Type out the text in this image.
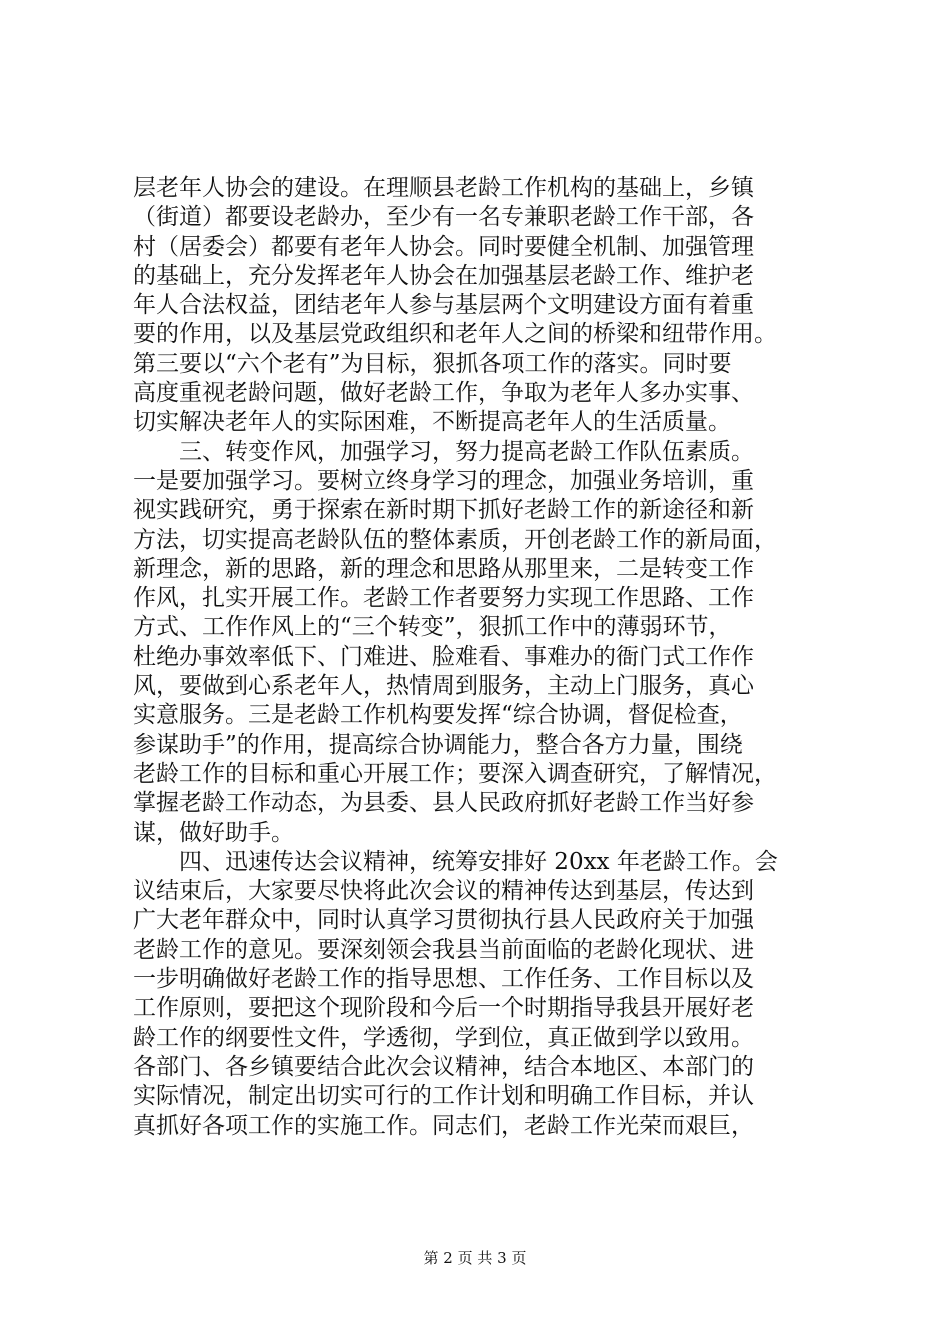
层老年人协会的建设。在理顺县老龄工作机构的基础上，乡镇
（街道）都要设老龄办，至少有一名专兼职老龄工作干部，各
村（居委会）都要有老年人协会。同时要健全机制、加强管理
的基础上，充分发挥老年人协会在加强基层老龄工作、维护老
年人合法权益，团结老年人参与基层两个文明建设方面有着重
要的作用，以及基层党政组织和老年人之间的桥梁和纽带作用。
第三要以“六个老有”为目标，狠抓各项工作的落实。同时要
高度重视老龄问题，做好老龄工作，争取为老年人多办实事、
切实解决老年人的实际困难，不断提高老年人的生活质量。
　　三、转变作风，加强学习，努力提高老龄工作队伍素质。
一是要加强学习。要树立终身学习的理念，加强业务培训，重
视实践研究，勇于探索在新时期下抓好老龄工作的新途径和新
方法，切实提高老龄队伍的整体素质，开创老龄工作的新局面，
新理念，新的思路，新的理念和思路从那里来，二是转变工作
作风，扎实开展工作。老龄工作者要努力实现工作思路、工作
方式、工作作风上的“三个转变”，狠抓工作中的薄弱环节，
杜绝办事效率低下、门难进、脸难看、事难办的衙门式工作作
风，要做到心系老年人，热情周到服务，主动上门服务，真心
实意服务。三是老龄工作机构要发挥“综合协调，督促检查，
参谋助手”的作用，提高综合协调能力，整合各方力量，围绕
老龄工作的目标和重心开展工作；要深入调查研究，了解情况，
掌握老龄工作动态，为县委、县人民政府抓好老龄工作当好参
谋，做好助手。
　　四、迅速传达会议精神，统筹安排好 20xx 年老龄工作。会
议结束后，大家要尽快将此次会议的精神传达到基层，传达到
广大老年群众中，同时认真学习贯彻执行县人民政府关于加强
老龄工作的意见。要深刻领会我县当前面临的老龄化现状、进
一步明确做好老龄工作的指导思想、工作任务、工作目标以及
工作原则，要把这个现阶段和今后一个时期指导我县开展好老
龄工作的纲要性文件，学透彻，学到位，真正做到学以致用。
各部门、各乡镇要结合此次会议精神，结合本地区、本部门的
实际情况，制定出切实可行的工作计划和明确工作目标，并认
真抓好各项工作的实施工作。同志们，老龄工作光荣而艰巨，
第 2 页 共 3 页
